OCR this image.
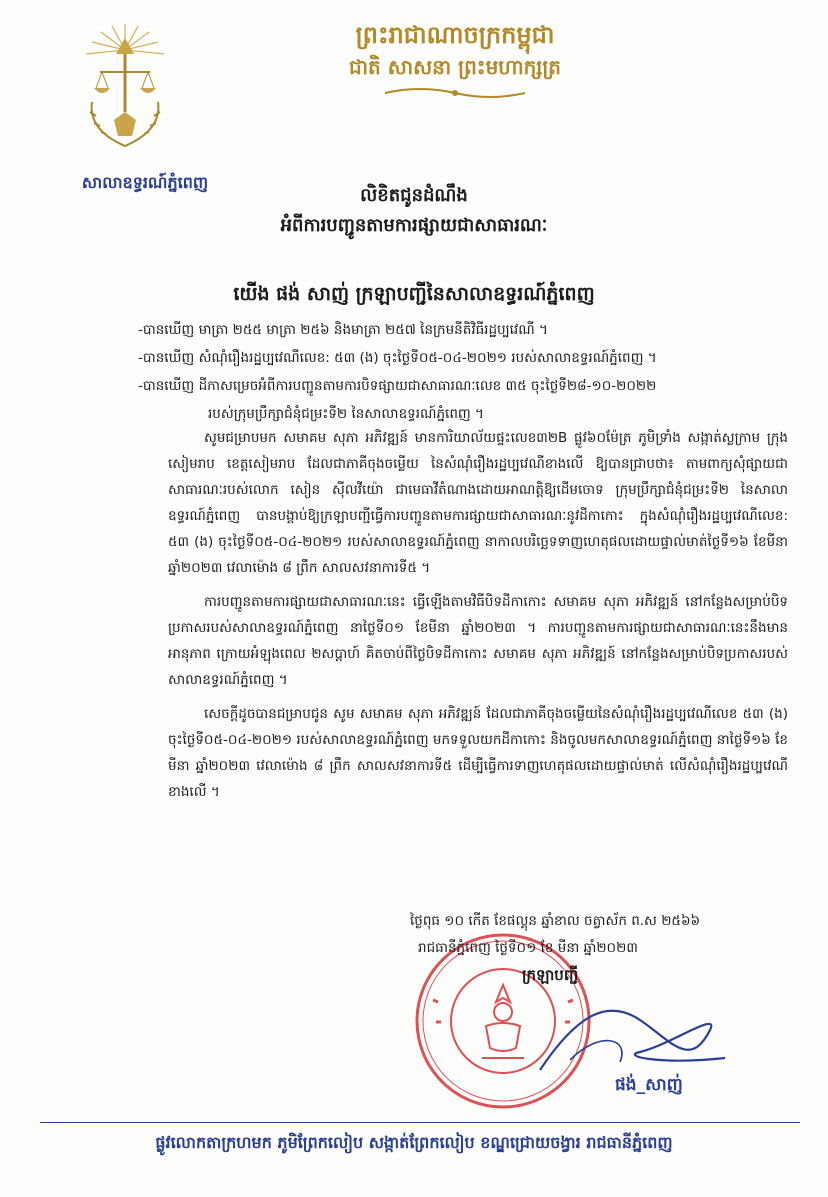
ព្រះរាជាណាចក្រកម្ពុជា
ជាតិ សាសនា ព្រះមហាក្សត្រ
សាលាឧទ្ធរណ៍ភ្នំពេញ
លិខិតជូនដំណឹង
អំពីការបញ្ជូនតាមការផ្សាយជាសាធារណៈ
យើង ផង់ សាញ់ ក្រឡាបញ្ជីនៃសាលាឧទ្ធរណ៍ភ្នំពេញ
-បានឃើញ មាត្រា ២៥៥ មាត្រា ២៥៦ និងមាត្រា ២៥៧ នៃក្រមនីតិវិធីរដ្ឋប្បវេណី ។
-បានឃើញ សំណុំរឿងរដ្ឋប្បវេណីលេខ: ៥៣ (ង) ចុះថ្ងៃទី០៥-០៤-២០២១ របស់សាលាឧទ្ធរណ៍ភ្នំពេញ ។
-បានឃើញ ដីកាសម្រេចអំពីការបញ្ជូនតាមការបិទផ្សាយជាសាធារណៈលេខ ៣៥ ចុះថ្ងៃទី២៨-១០-២០២២
របស់ក្រុមប្រឹក្សាជំនុំជម្រះទី២ នៃសាលាឧទ្ធរណ៍ភ្នំពេញ ។

សូមជម្រាបមក សមាគម សុភា អភិវឌ្ឍន៍ មានការិយាល័យផ្ទះលេខ៣២B ផ្លូវ៦០ម៉ែត្រ ភូមិទ្រាំង សង្កាត់ស្លក្រាម ក្រុងសៀមរាប ខេត្តសៀមរាប ដែលជាភាគីចុងចម្លើយ នៃសំណុំរឿងរដ្ឋប្បវេណីខាងលើ ឱ្យបានជ្រាបថា៖ តាមពាក្យសុំផ្សាយជាសាធារណៈរបស់លោក សៀន ស៊ីលវីយ៉ោ ជាមេធាវីតំណាងដោយអាណត្តិឱ្យដើមចោទ ក្រុមប្រឹក្សាជំនុំជម្រះទី២ នៃសាលាឧទ្ធរណ៍ភ្នំពេញ បានបង្គាប់ឱ្យក្រឡាបញ្ជីធ្វើការបញ្ជូនតាមការផ្សាយជាសាធារណៈនូវដីកាកោះ ក្នុងសំណុំរឿងរដ្ឋប្បវេណីលេខ: ៥៣ (ង) ចុះថ្ងៃទី០៥-០៤-២០២១ របស់សាលាឧទ្ធរណ៍ភ្នំពេញ នាកាលបរិច្ឆេទទាញហេតុផលដោយផ្ទាល់មាត់ថ្ងៃទី១៦ ខែមីនា ឆ្នាំ២០២៣ វេលាម៉ោង ៨ ព្រឹក សាលសវនាការទី៥ ។

ការបញ្ជូនតាមការផ្សាយជាសាធារណៈនេះ ធ្វើឡើងតាមវិធីបិទដីកាកោះ សមាគម សុភា អភិវឌ្ឍន៍ នៅកន្លែងសម្រាប់បិទប្រកាសរបស់សាលាឧទ្ធរណ៍ភ្នំពេញ នាថ្ងៃទី០១ ខែមីនា ឆ្នាំ២០២៣ ។ ការបញ្ជូនតាមការផ្សាយជាសាធារណៈនេះនឹងមានអានុភាព ក្រោយអំឡុងពេល ២សប្តាហ៍ គិតចាប់ពីថ្ងៃបិទដីកាកោះ សមាគម សុភា អភិវឌ្ឍន៍ នៅកន្លែងសម្រាប់បិទប្រកាសរបស់សាលាឧទ្ធរណ៍ភ្នំពេញ ។

សេចក្តីដូចបានជម្រាបជូន សូម សមាគម សុភា អភិវឌ្ឍន៍ ដែលជាភាគីចុងចម្លើយនៃសំណុំរឿងរដ្ឋប្បវេណីលេខ ៥៣ (ង) ចុះថ្ងៃទី០៥-០៤-២០២១ របស់សាលាឧទ្ធរណ៍ភ្នំពេញ មកទទួលយកដីកាកោះ និងចូលមកសាលាឧទ្ធរណ៍ភ្នំពេញ នាថ្ងៃទី១៦ ខែមីនា ឆ្នាំ២០២៣ វេលាម៉ោង ៨ ព្រឹក សាលសវនាការទី៥ ដើម្បីធ្វើការទាញហេតុផលដោយផ្ទាល់មាត់ លើសំណុំរឿងរដ្ឋប្បវេណីខាងលើ ។

ថ្ងៃពុធ ១០ កើត ខែផល្គុន ឆ្នាំខាល ចត្វាស័ក ព.ស ២៥៦៦
រាជធានីភ្នំពេញ ថ្ងៃទី០១ ខែ មីនា ឆ្នាំ២០២៣
ក្រឡាបញ្ជី
ផង់_សាញ់
ផ្លូវលោកតាក្រហមក ភូមិព្រែកលៀប សង្កាត់ព្រែកលៀប ខណ្ឌជ្រោយចង្វារ រាជធានីភ្នំពេញ
